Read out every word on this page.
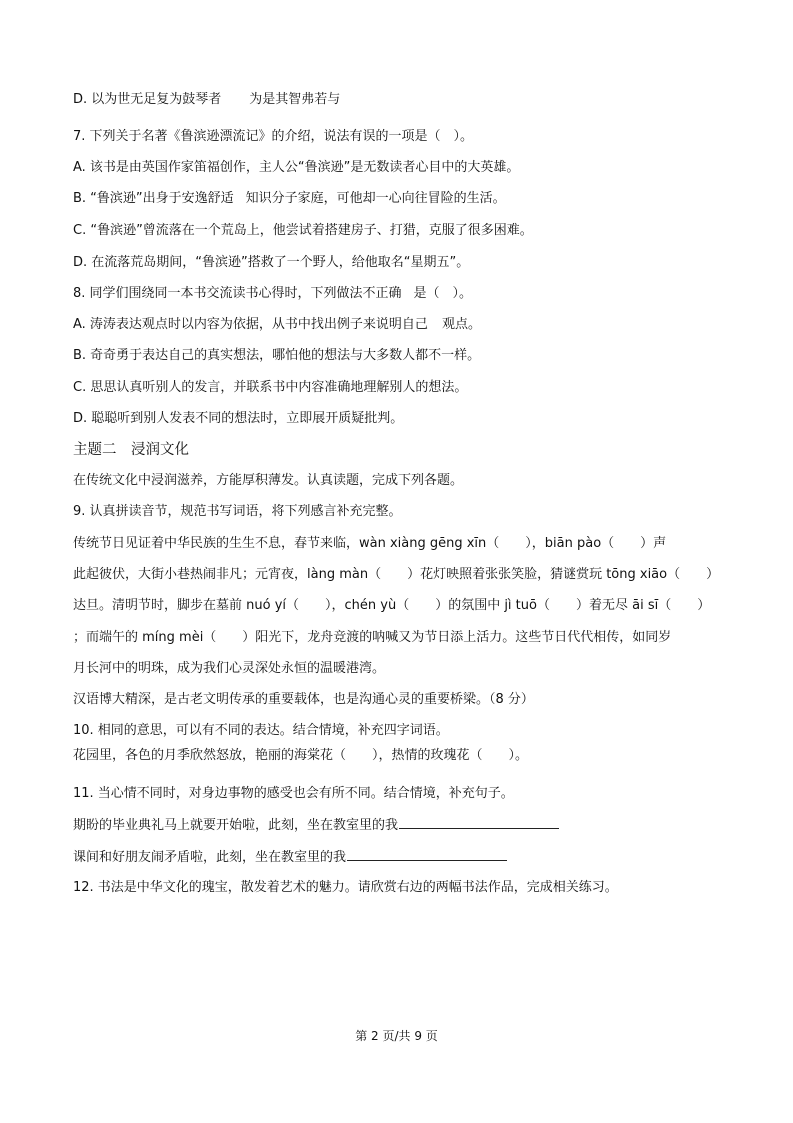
D. 以为世无足复为鼓琴者 为是其智弗若与
7. 下列关于名著《鲁滨逊漂流记》的介绍，说法有误的一项是（　）。
A. 该书是由英国作家笛福创作，主人公“鲁滨逊”是无数读者心目中的大英雄。
B. “鲁滨逊”出身于安逸舒适 知识分子家庭，可他却一心向往冒险的生活。
C. “鲁滨逊”曾流落在一个荒岛上，他尝试着搭建房子、打猎，克服了很多困难。
D. 在流落荒岛期间，“鲁滨逊”搭救了一个野人，给他取名“星期五”。
8. 同学们围绕同一本书交流读书心得时，下列做法不正确 是（　）。
A. 涛涛表达观点时以内容为依据，从书中找出例子来说明自己 观点。
B. 奇奇勇于表达自己的真实想法，哪怕他的想法与大多数人都不一样。
C. 思思认真听别人的发言，并联系书中内容准确地理解别人的想法。
D. 聪聪听到别人发表不同的想法时，立即展开质疑批判。
主题二　浸润文化
在传统文化中浸润滋养，方能厚积薄发。认真读题，完成下列各题。
9. 认真拼读音节，规范书写词语，将下列感言补充完整。
传统节日见证着中华民族的生生不息，春节来临，wàn xiàng gēng xīn（　　），biān pào（　　）声
此起彼伏，大街小巷热闹非凡；元宵夜，làng màn（　　）花灯映照着张张笑脸，猜谜赏玩 tōng xiāo（　　）
达旦。清明节时，脚步在墓前 nuó yí（　　），chén yù（　　）的氛围中 jì tuō（　　）着无尽 āi sī（　　）
；而端午的 míng mèi（　　）阳光下，龙舟竞渡的呐喊又为节日添上活力。这些节日代代相传，如同岁
月长河中的明珠，成为我们心灵深处永恒的温暖港湾。
汉语博大精深，是古老文明传承的重要载体，也是沟通心灵的重要桥梁。（8 分）
10. 相同的意思，可以有不同的表达。结合情境，补充四字词语。
花园里，各色的月季欣然怒放，艳丽的海棠花（　　），热情的玫瑰花（　　）。
11. 当心情不同时，对身边事物的感受也会有所不同。结合情境，补充句子。
期盼的毕业典礼马上就要开始啦，此刻，坐在教室里的我
课间和好朋友闹矛盾啦，此刻，坐在教室里的我
12. 书法是中华文化的瑰宝，散发着艺术的魅力。请欣赏右边的两幅书法作品，完成相关练习。
第 2 页/共 9 页
